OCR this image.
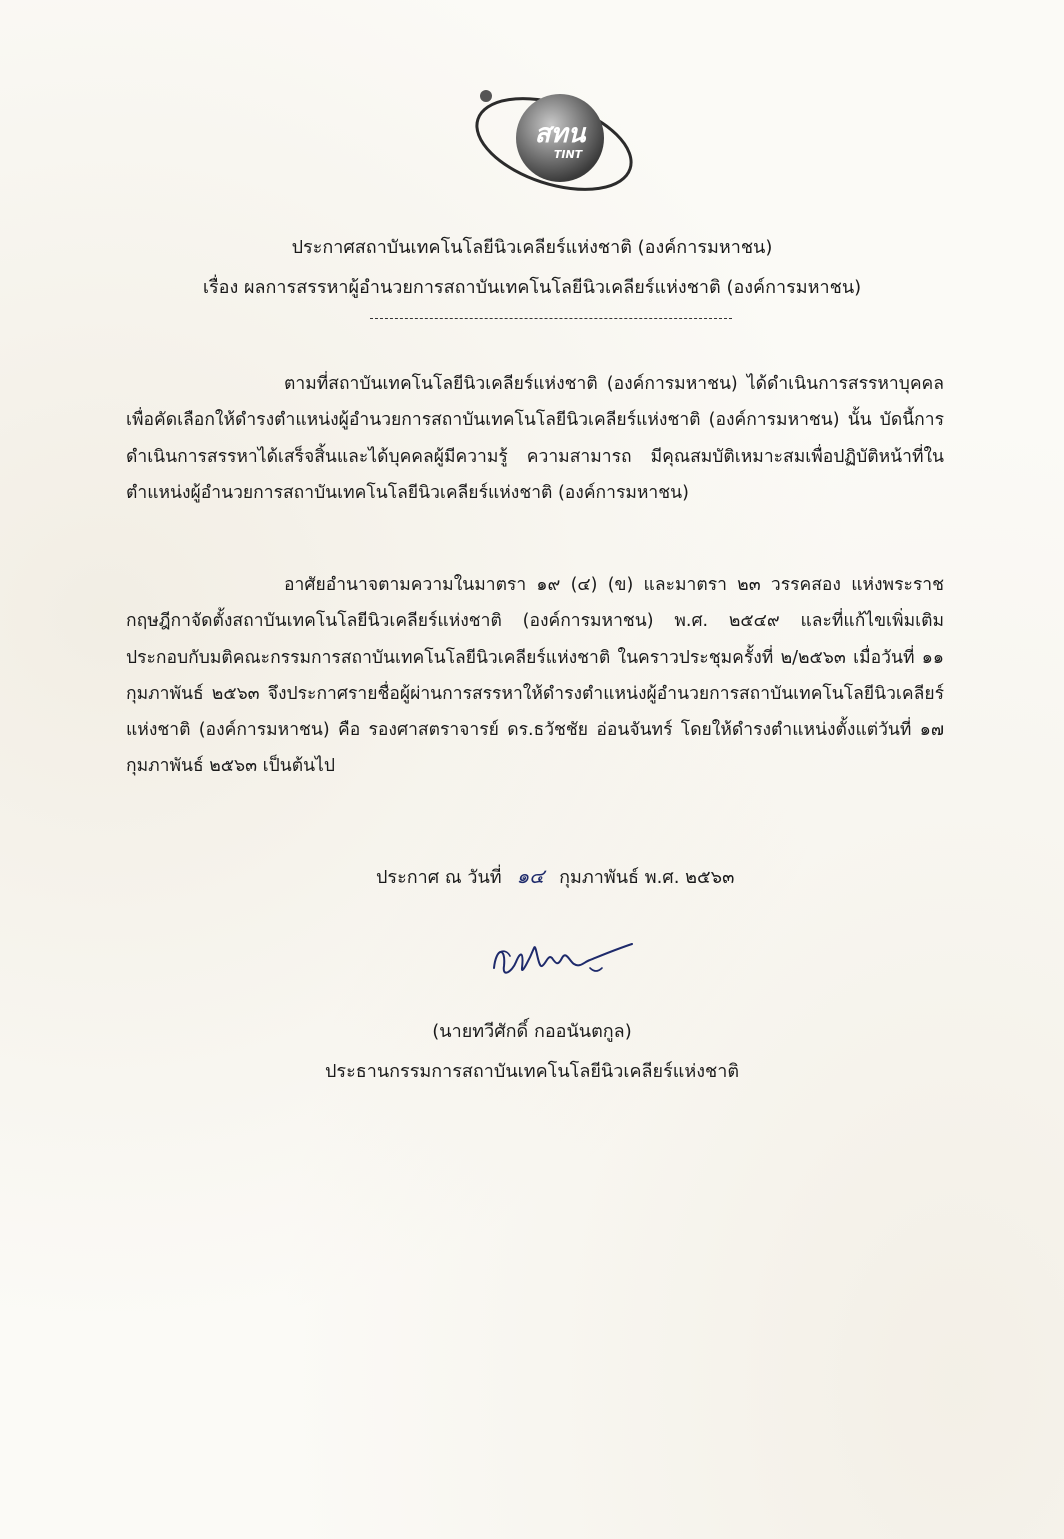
สทน
TINT
ประกาศสถาบันเทคโนโลยีนิวเคลียร์แห่งชาติ (องค์การมหาชน)
เรื่อง ผลการสรรหาผู้อำนวยการสถาบันเทคโนโลยีนิวเคลียร์แห่งชาติ (องค์การมหาชน)
ตามที่สถาบันเทคโนโลยีนิวเคลียร์แห่งชาติ (องค์การมหาชน) ได้ดำเนินการสรรหาบุคคลเพื่อคัดเลือกให้ดำรงตำแหน่งผู้อำนวยการสถาบันเทคโนโลยีนิวเคลียร์แห่งชาติ (องค์การมหาชน) นั้น บัดนี้การดำเนินการสรรหาได้เสร็จสิ้นและได้บุคคลผู้มีความรู้ ความสามารถ มีคุณสมบัติเหมาะสมเพื่อปฏิบัติหน้าที่ในตำแหน่งผู้อำนวยการสถาบันเทคโนโลยีนิวเคลียร์แห่งชาติ (องค์การมหาชน)
อาศัยอำนาจตามความในมาตรา ๑๙ (๔) (ข) และมาตรา ๒๓ วรรคสอง แห่งพระราชกฤษฎีกาจัดตั้งสถาบันเทคโนโลยีนิวเคลียร์แห่งชาติ (องค์การมหาชน) พ.ศ. ๒๕๔๙ และที่แก้ไขเพิ่มเติม ประกอบกับมติคณะกรรมการสถาบันเทคโนโลยีนิวเคลียร์แห่งชาติ ในคราวประชุมครั้งที่ ๒/๒๕๖๓ เมื่อวันที่ ๑๑ กุมภาพันธ์ ๒๕๖๓ จึงประกาศรายชื่อผู้ผ่านการสรรหาให้ดำรงตำแหน่งผู้อำนวยการสถาบันเทคโนโลยีนิวเคลียร์แห่งชาติ (องค์การมหาชน) คือ รองศาสตราจารย์ ดร.ธวัชชัย อ่อนจันทร์ โดยให้ดำรงตำแหน่งตั้งแต่วันที่ ๑๗ กุมภาพันธ์ ๒๕๖๓ เป็นต้นไป
ประกาศ ณ วันที่ ๑๔ กุมภาพันธ์ พ.ศ. ๒๕๖๓
(นายทวีศักดิ์ กออนันตกูล)
ประธานกรรมการสถาบันเทคโนโลยีนิวเคลียร์แห่งชาติ
